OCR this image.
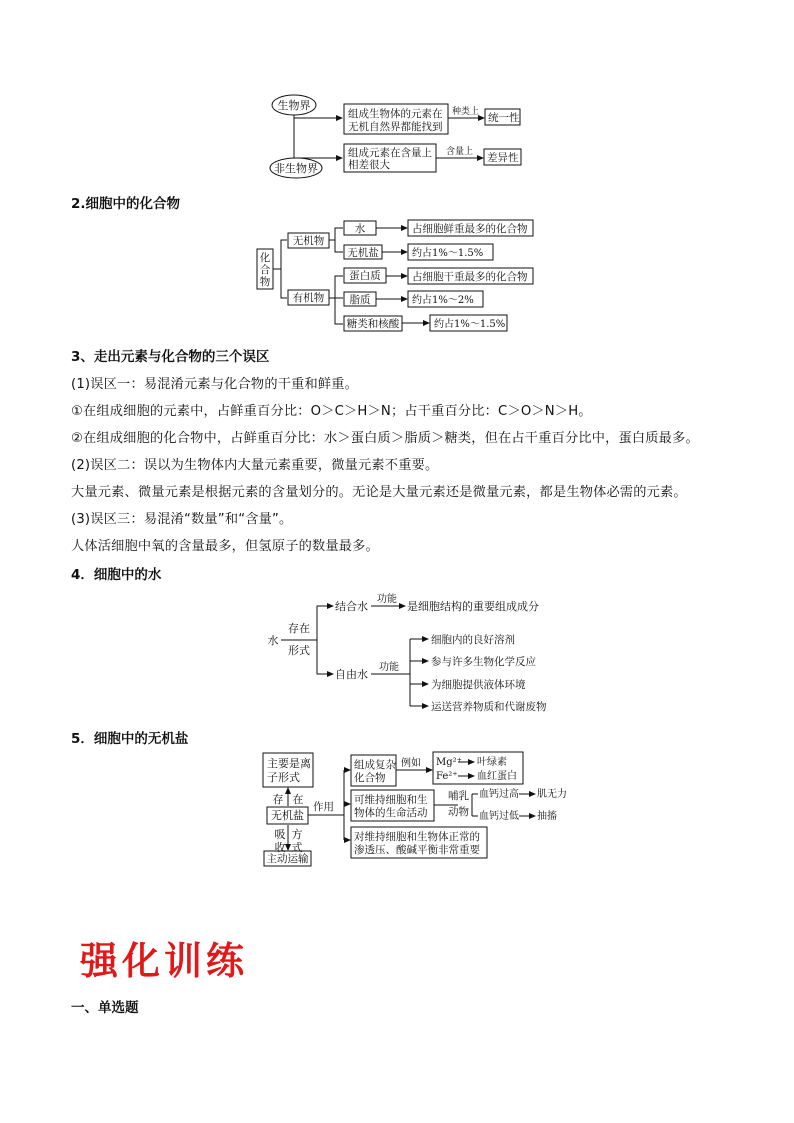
生物界
非生物界
组成生物体的元素在
无机自然界都能找到
组成元素在含量上
相差很大
种类上 统一性
含量上 差异性
2.细胞中的化合物
化
合
物
无机物
有机物
水
无机盐
蛋白质
脂质
糖类和核酸
占细胞鲜重最多的化合物
约占1%～1.5%
占细胞干重最多的化合物
约占1%～2%
约占1%～1.5%
3、走出元素与化合物的三个误区
(1)误区一：易混淆元素与化合物的干重和鲜重。
①在组成细胞的元素中，占鲜重百分比：O＞C＞H＞N；占干重百分比：C＞O＞N＞H。
②在组成细胞的化合物中，占鲜重百分比：水＞蛋白质＞脂质＞糖类，但在占干重百分比中，蛋白质最多。
(2)误区二：误以为生物体内大量元素重要，微量元素不重要。
大量元素、微量元素是根据元素的含量划分的。无论是大量元素还是微量元素，都是生物体必需的元素。
(3)误区三：易混淆“数量”和“含量”。
人体活细胞中氧的含量最多，但氢原子的数量最多。
4．细胞中的水
水
存在
形式
结合水
自由水
功能
是细胞结构的重要组成成分
功能
细胞内的良好溶剂
参与许多生物化学反应
为细胞提供液体环境
运送营养物质和代谢废物
5．细胞中的无机盐
主要是离
子形式
存 在
无机盐
吸
收
方
式
主动运输
作用
组成复杂
化合物
例如 Mg²⁺ 叶绿素
Fe²⁺ 血红蛋白
可维持细胞和生
物体的生命活动
哺乳
动物
血钙过高 肌无力
血钙过低 抽搐
对维持细胞和生物体正常的
渗透压、酸碱平衡非常重要
强化训练
一、单选题
